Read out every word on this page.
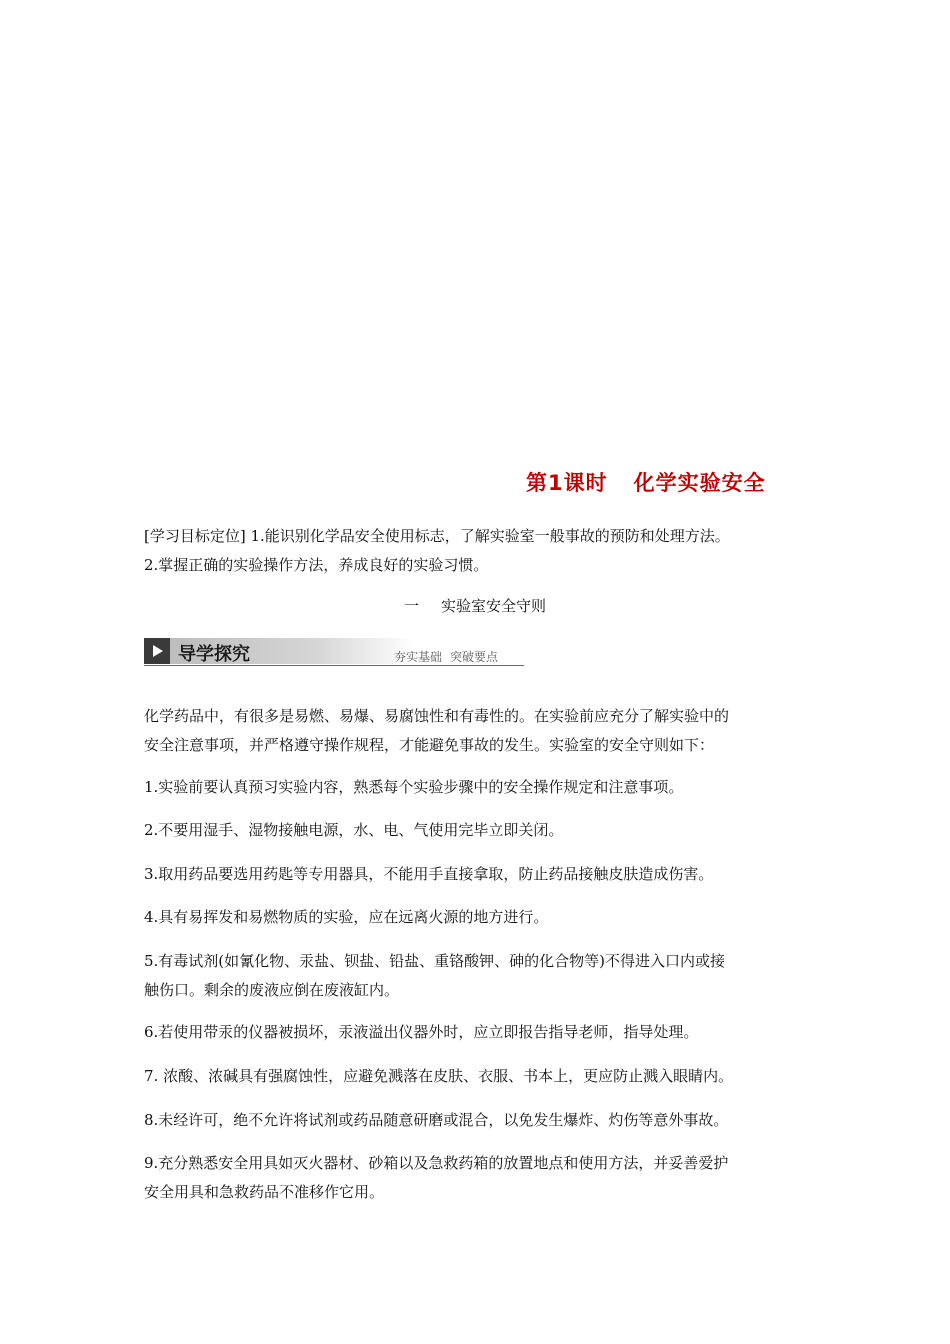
第1课时 化学实验安全
[学习目标定位] 1.能识别化学品安全使用标志，了解实验室一般事故的预防和处理方法。
2.掌握正确的实验操作方法，养成良好的实验习惯。
一 实验室安全守则
导学探究	夯实基础 突破要点
化学药品中，有很多是易燃、易爆、易腐蚀性和有毒性的。在实验前应充分了解实验中的
安全注意事项，并严格遵守操作规程，才能避免事故的发生。实验室的安全守则如下：
1.实验前要认真预习实验内容，熟悉每个实验步骤中的安全操作规定和注意事项。
2.不要用湿手、湿物接触电源，水、电、气使用完毕立即关闭。
3.取用药品要选用药匙等专用器具，不能用手直接拿取，防止药品接触皮肤造成伤害。
4.具有易挥发和易燃物质的实验，应在远离火源的地方进行。
5.有毒试剂(如氰化物、汞盐、钡盐、铅盐、重铬酸钾、砷的化合物等)不得进入口内或接
触伤口。剩余的废液应倒在废液缸内。
6.若使用带汞的仪器被损坏，汞液溢出仪器外时，应立即报告指导老师，指导处理。
7. 浓酸、浓碱具有强腐蚀性，应避免溅落在皮肤、衣服、书本上，更应防止溅入眼睛内。
8.未经许可，绝不允许将试剂或药品随意研磨或混合，以免发生爆炸、灼伤等意外事故。
9.充分熟悉安全用具如灭火器材、砂箱以及急救药箱的放置地点和使用方法，并妥善爱护
安全用具和急救药品不准移作它用。
